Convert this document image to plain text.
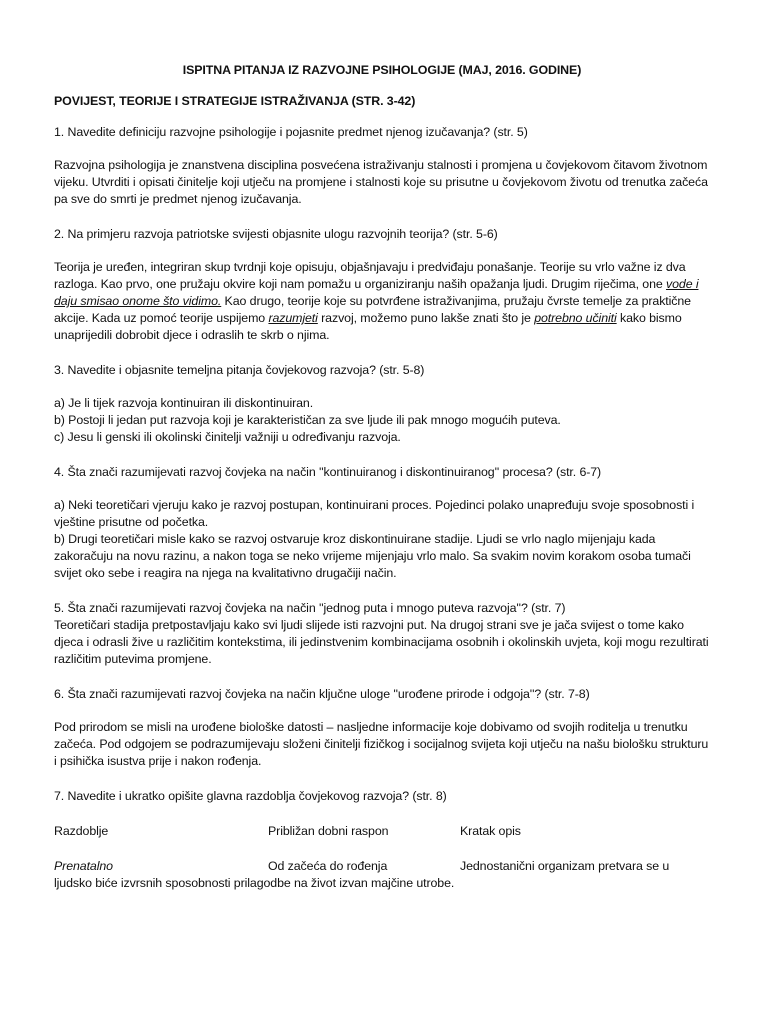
ISPITNA PITANJA IZ RAZVOJNE PSIHOLOGIJE (MAJ, 2016. GODINE)
POVIJEST, TEORIJE I STRATEGIJE ISTRAŽIVANJA (STR. 3-42)
1. Navedite definiciju razvojne psihologije i pojasnite predmet njenog izučavanja? (str. 5)
Razvojna psihologija je znanstvena disciplina posvećena istraživanju stalnosti i promjena u čovjekovom čitavom životnom vijeku. Utvrditi i opisati činitelje koji utječu na promjene i stalnosti koje su prisutne u čovjekovom životu od trenutka začeća pa sve do smrti je predmet njenog izučavanja.
2. Na primjeru razvoja patriotske svijesti objasnite ulogu razvojnih teorija? (str. 5-6)
Teorija je uređen, integriran skup tvrdnji koje opisuju, objašnjavaju i predviđaju ponašanje. Teorije su vrlo važne iz dva razloga. Kao prvo, one pružaju okvire koji nam pomažu u organiziranju naših opažanja ljudi. Drugim riječima, one vode i daju smisao onome što vidimo. Kao drugo, teorije koje su potvrđene istraživanjima, pružaju čvrste temelje za praktične akcije. Kada uz pomoć teorije uspijemo razumjeti razvoj, možemo puno lakše znati što je potrebno učiniti kako bismo unaprijedili dobrobit djece i odraslih te skrb o njima.
3. Navedite i objasnite temeljna pitanja čovjekovog razvoja? (str. 5-8)
a) Je li tijek razvoja kontinuiran ili diskontinuiran.
b) Postoji li jedan put razvoja koji je karakterističan za sve ljude ili pak mnogo mogućih puteva.
c) Jesu li genski ili okolinski činitelji važniji u određivanju razvoja.
4. Šta znači razumijevati razvoj čovjeka na način ''kontinuiranog i diskontinuiranog'' procesa? (str. 6-7)
a) Neki teoretičari vjeruju kako je razvoj postupan, kontinuirani proces. Pojedinci polako unapređuju svoje sposobnosti i vještine prisutne od početka.
b) Drugi teoretičari misle kako se razvoj ostvaruje kroz diskontinuirane stadije. Ljudi se vrlo naglo mijenjaju kada zakoračuju na novu razinu, a nakon toga se neko vrijeme mijenjaju vrlo malo. Sa svakim novim korakom osoba tumači svijet oko sebe i reagira na njega na kvalitativno drugačiji način.
5. Šta znači razumijevati razvoj čovjeka na način ''jednog puta i mnogo puteva razvoja''? (str. 7)
Teoretičari stadija pretpostavljaju kako svi ljudi slijede isti razvojni put. Na drugoj strani sve je jača svijest o tome kako djeca i odrasli žive u različitim kontekstima, ili jedinstvenim kombinacijama osobnih i okolinskih uvjeta, koji mogu rezultirati različitim putevima promjene.
6. Šta znači razumijevati razvoj čovjeka na način ključne uloge ''urođene prirode i odgoja''? (str. 7-8)
Pod prirodom se misli na urođene biološke datosti – nasljedne informacije koje dobivamo od svojih roditelja u trenutku začeća. Pod odgojem se podrazumijevaju složeni činitelji fizičkog i socijalnog svijeta koji utječu na našu biološku strukturu i psihička isustva prije i nakon rođenja.
7. Navedite i ukratko opišite glavna razdoblja čovjekovog razvoja? (str. 8)
Razdoblje	Približan dobni raspon	Kratak opis
Prenatalno	Od začeća do rođenja	Jednostanični organizam pretvara se u
ljudsko biće izvrsnih sposobnosti prilagodbe na život izvan majčine utrobe.
